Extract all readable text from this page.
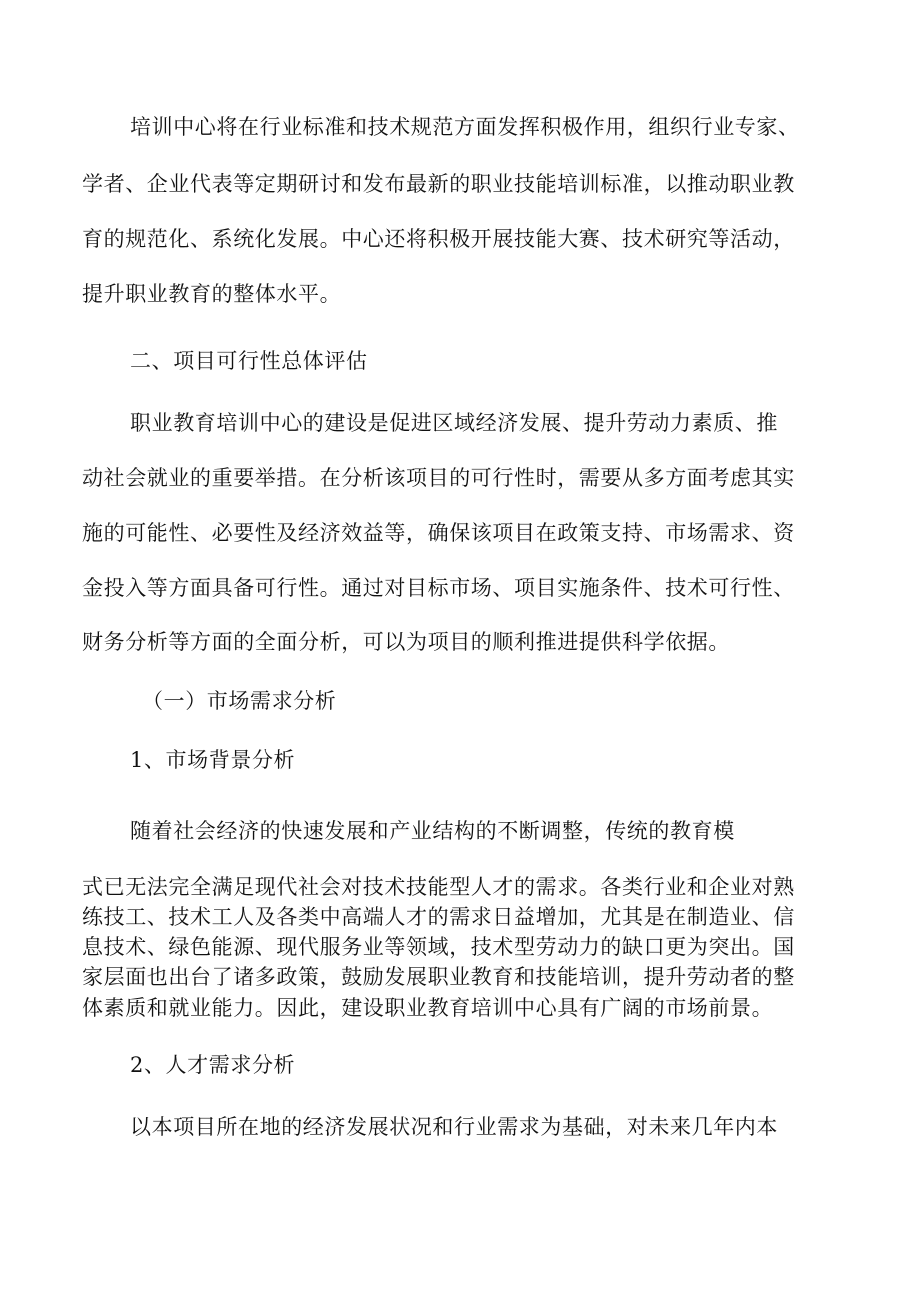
培训中心将在行业标准和技术规范方面发挥积极作用，组织行业专家、
学者、企业代表等定期研讨和发布最新的职业技能培训标准，以推动职业教
育的规范化、系统化发展。中心还将积极开展技能大赛、技术研究等活动，
提升职业教育的整体水平。
二、项目可行性总体评估
职业教育培训中心的建设是促进区域经济发展、提升劳动力素质、推
动社会就业的重要举措。在分析该项目的可行性时，需要从多方面考虑其实
施的可能性、必要性及经济效益等，确保该项目在政策支持、市场需求、资
金投入等方面具备可行性。通过对目标市场、项目实施条件、技术可行性、
财务分析等方面的全面分析，可以为项目的顺利推进提供科学依据。
（一）市场需求分析
1、市场背景分析
随着社会经济的快速发展和产业结构的不断调整，传统的教育模
式已无法完全满足现代社会对技术技能型人才的需求。各类行业和企业对熟
练技工、技术工人及各类中高端人才的需求日益增加，尤其是在制造业、信
息技术、绿色能源、现代服务业等领域，技术型劳动力的缺口更为突出。国
家层面也出台了诸多政策，鼓励发展职业教育和技能培训，提升劳动者的整
体素质和就业能力。因此，建设职业教育培训中心具有广阔的市场前景。
2、人才需求分析
以本项目所在地的经济发展状况和行业需求为基础，对未来几年内本
